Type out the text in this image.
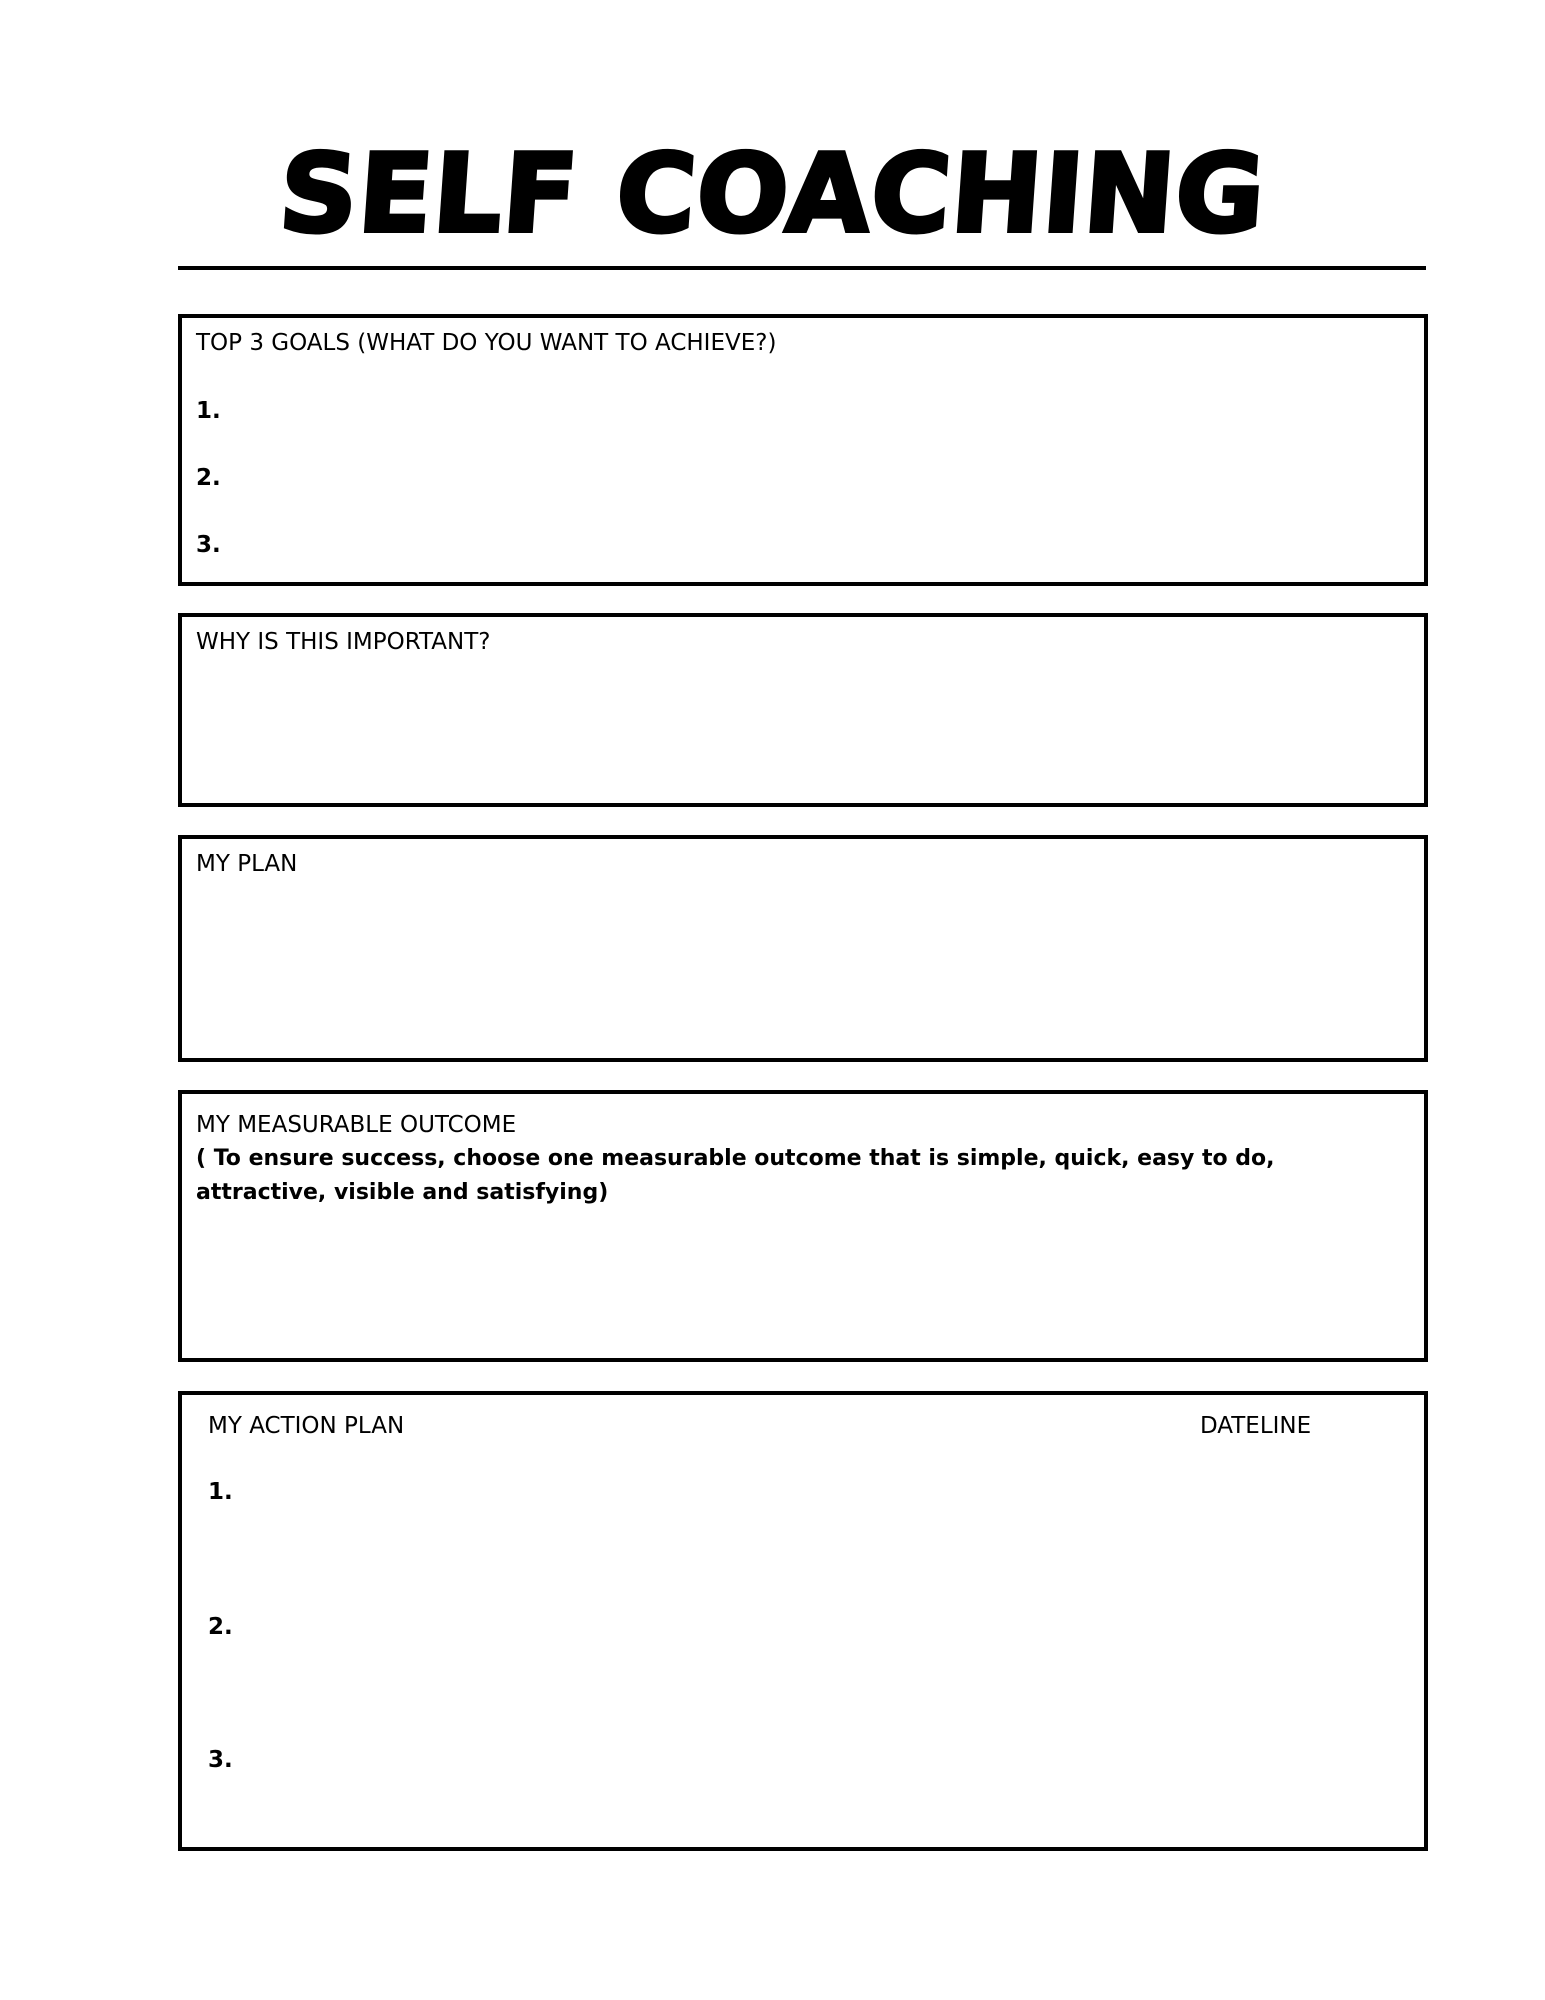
SELF COACHING
TOP 3 GOALS (WHAT DO YOU WANT TO ACHIEVE?)
1.
2.
3.
WHY IS THIS IMPORTANT?
MY PLAN
MY MEASURABLE OUTCOME
( To ensure success, choose one measurable outcome that is simple, quick, easy to do, attractive, visible and satisfying)
MY ACTION PLAN	DATELINE
1.
2.
3.
